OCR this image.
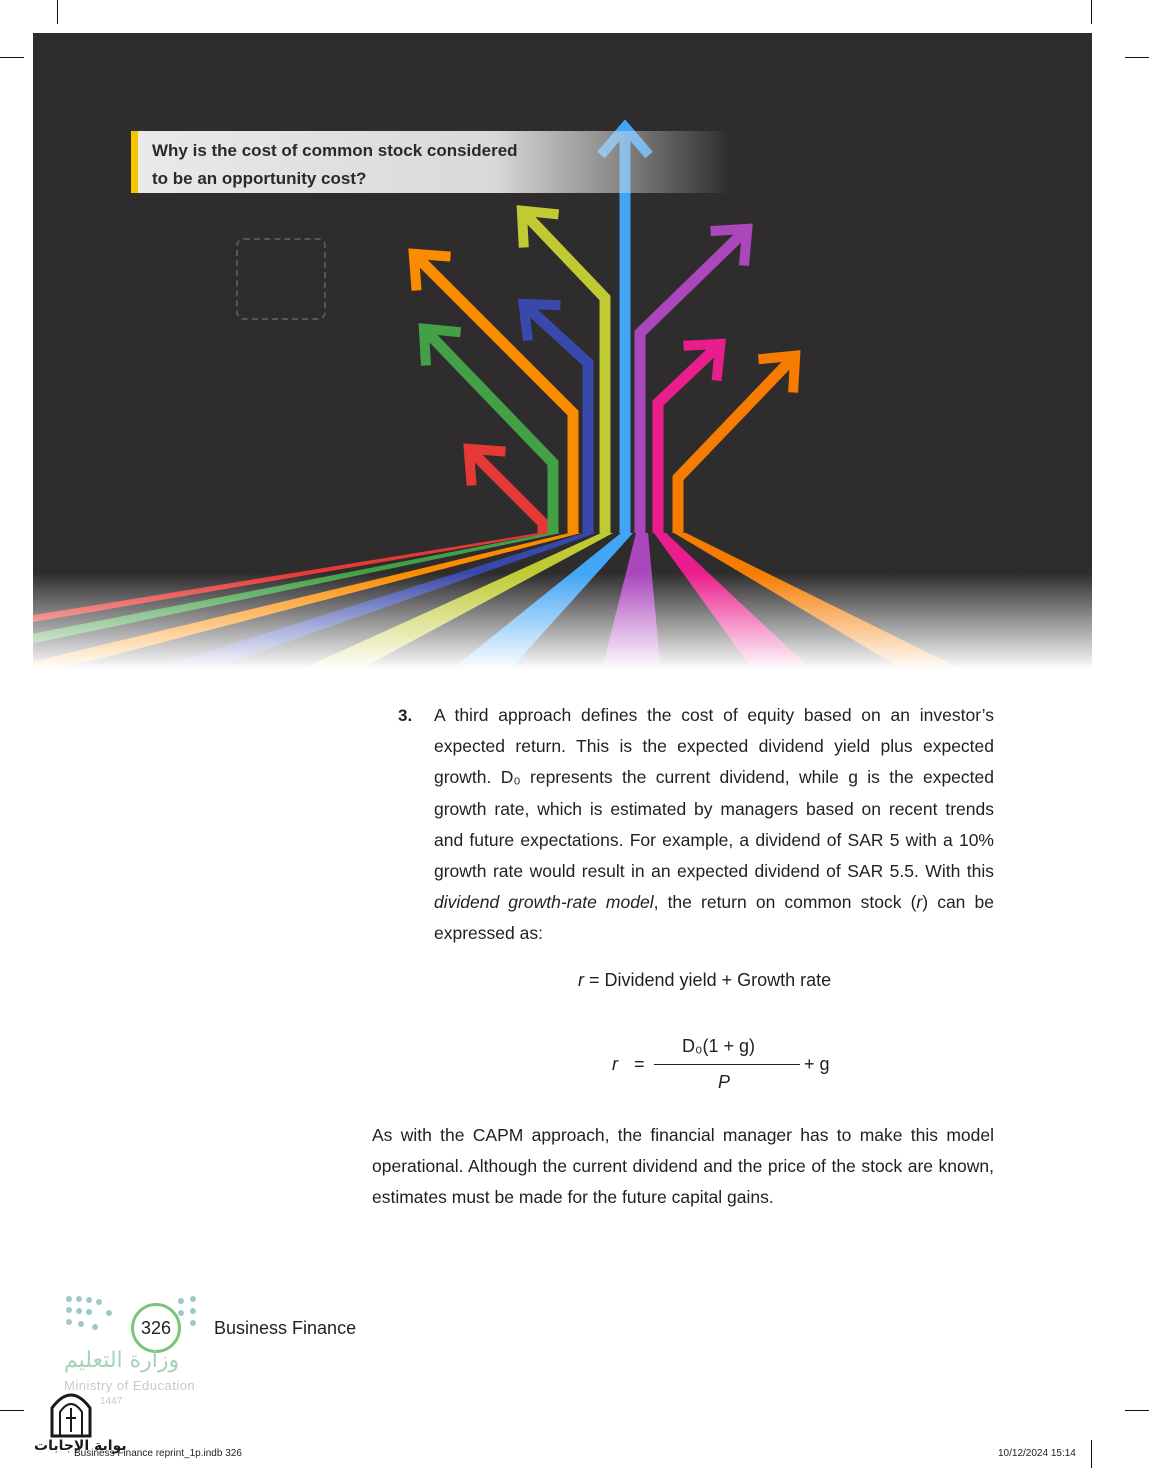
Why is the cost of common stock considered
to be an opportunity cost?
3. A third approach defines the cost of equity based on an investor’s expected return. This is the expected dividend yield plus expected growth. D₀ represents the current dividend, while g is the expected growth rate, which is estimated by managers based on recent trends and future expectations. For example, a dividend of SAR 5 with a 10% growth rate would result in an expected dividend of SAR 5.5. With this dividend growth-rate model, the return on common stock (r) can be expressed as:

r = Dividend yield + Growth rate
r =
D₀(1 + g)
P
+ g

As with the CAPM approach, the financial manager has to make this model operational. Although the current dividend and the price of the stock are known, estimates must be made for the future capital gains.

326	Business Finance
وزارة التعليم
Ministry of Education
1447
بوابة الإجابات
Business Finance reprint_1p.indb 326	10/12/2024 15:14
